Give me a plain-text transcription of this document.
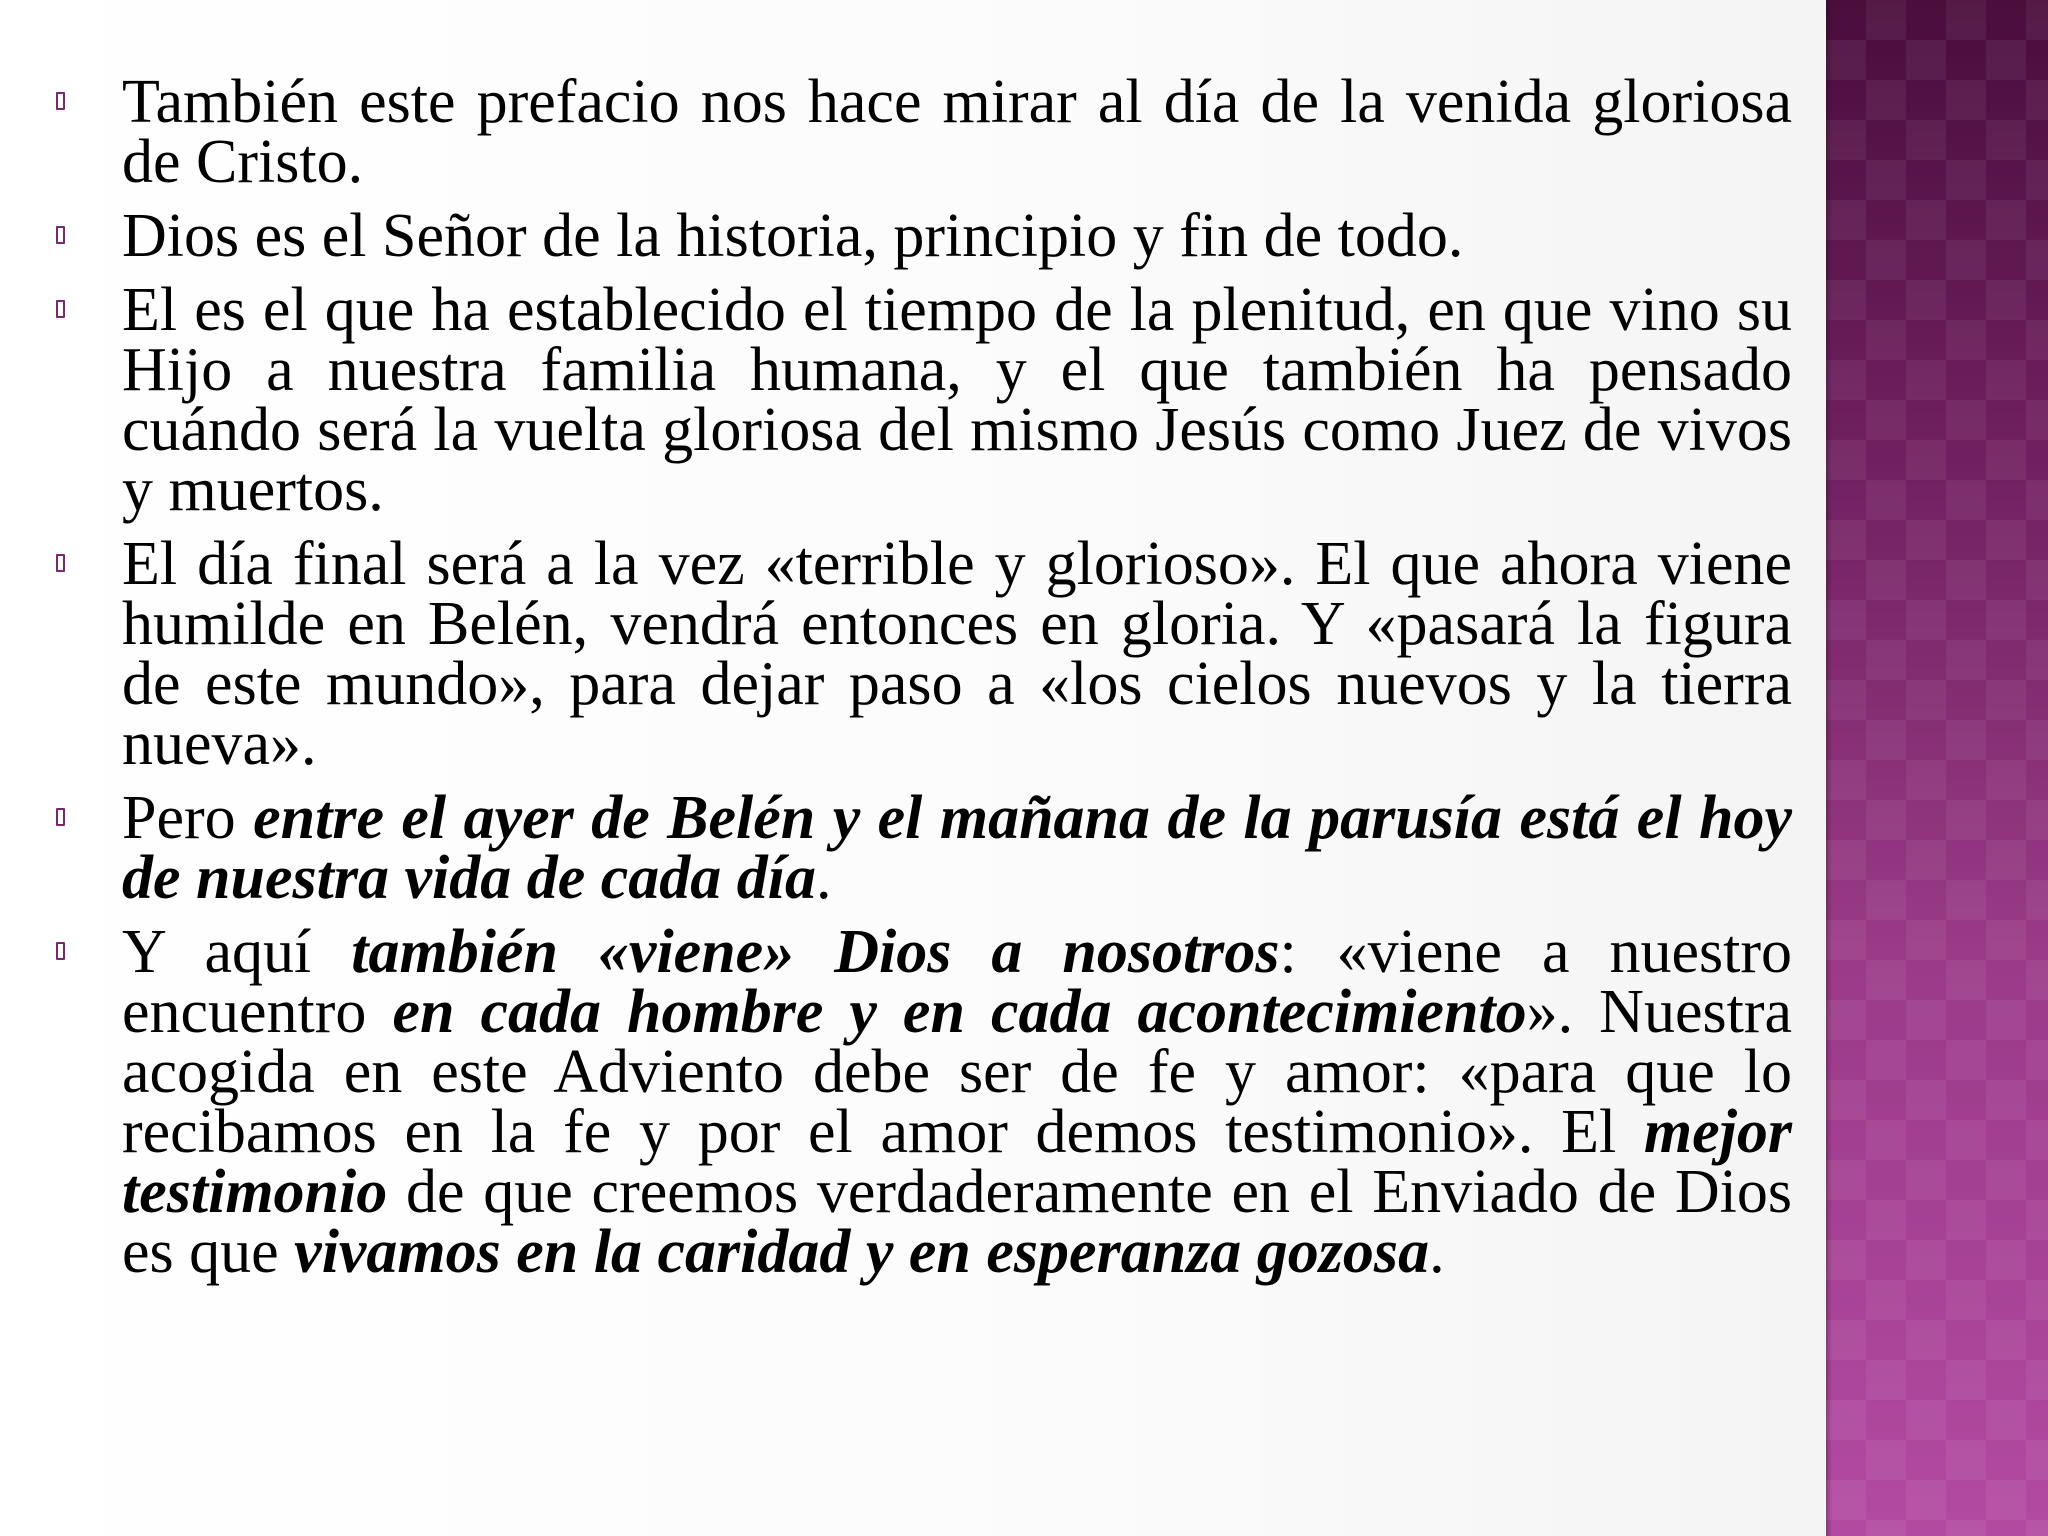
También este prefacio nos hace mirar al día de la venida gloriosa de Cristo.

Dios es el Señor de la historia, principio y fin de todo.

El es el que ha establecido el tiempo de la plenitud, en que vino su Hijo a nuestra familia humana, y el que también ha pensado cuándo será la vuelta gloriosa del mismo Jesús como Juez de vivos y muertos.

El día final será a la vez «terrible y glorioso». El que ahora viene humilde en Belén, vendrá entonces en gloria. Y «pasará la figura de este mundo», para dejar paso a «los cielos nuevos y la tierra nueva».

Pero entre el ayer de Belén y el mañana de la parusía está el hoy de nuestra vida de cada día.

Y aquí también «viene» Dios a nosotros: «viene a nuestro encuentro en cada hombre y en cada acontecimiento». Nuestra acogida en este Adviento debe ser de fe y amor: «para que lo recibamos en la fe y por el amor demos testimonio». El mejor testimonio de que creemos verdaderamente en el Enviado de Dios es que vivamos en la caridad y en esperanza gozosa.
